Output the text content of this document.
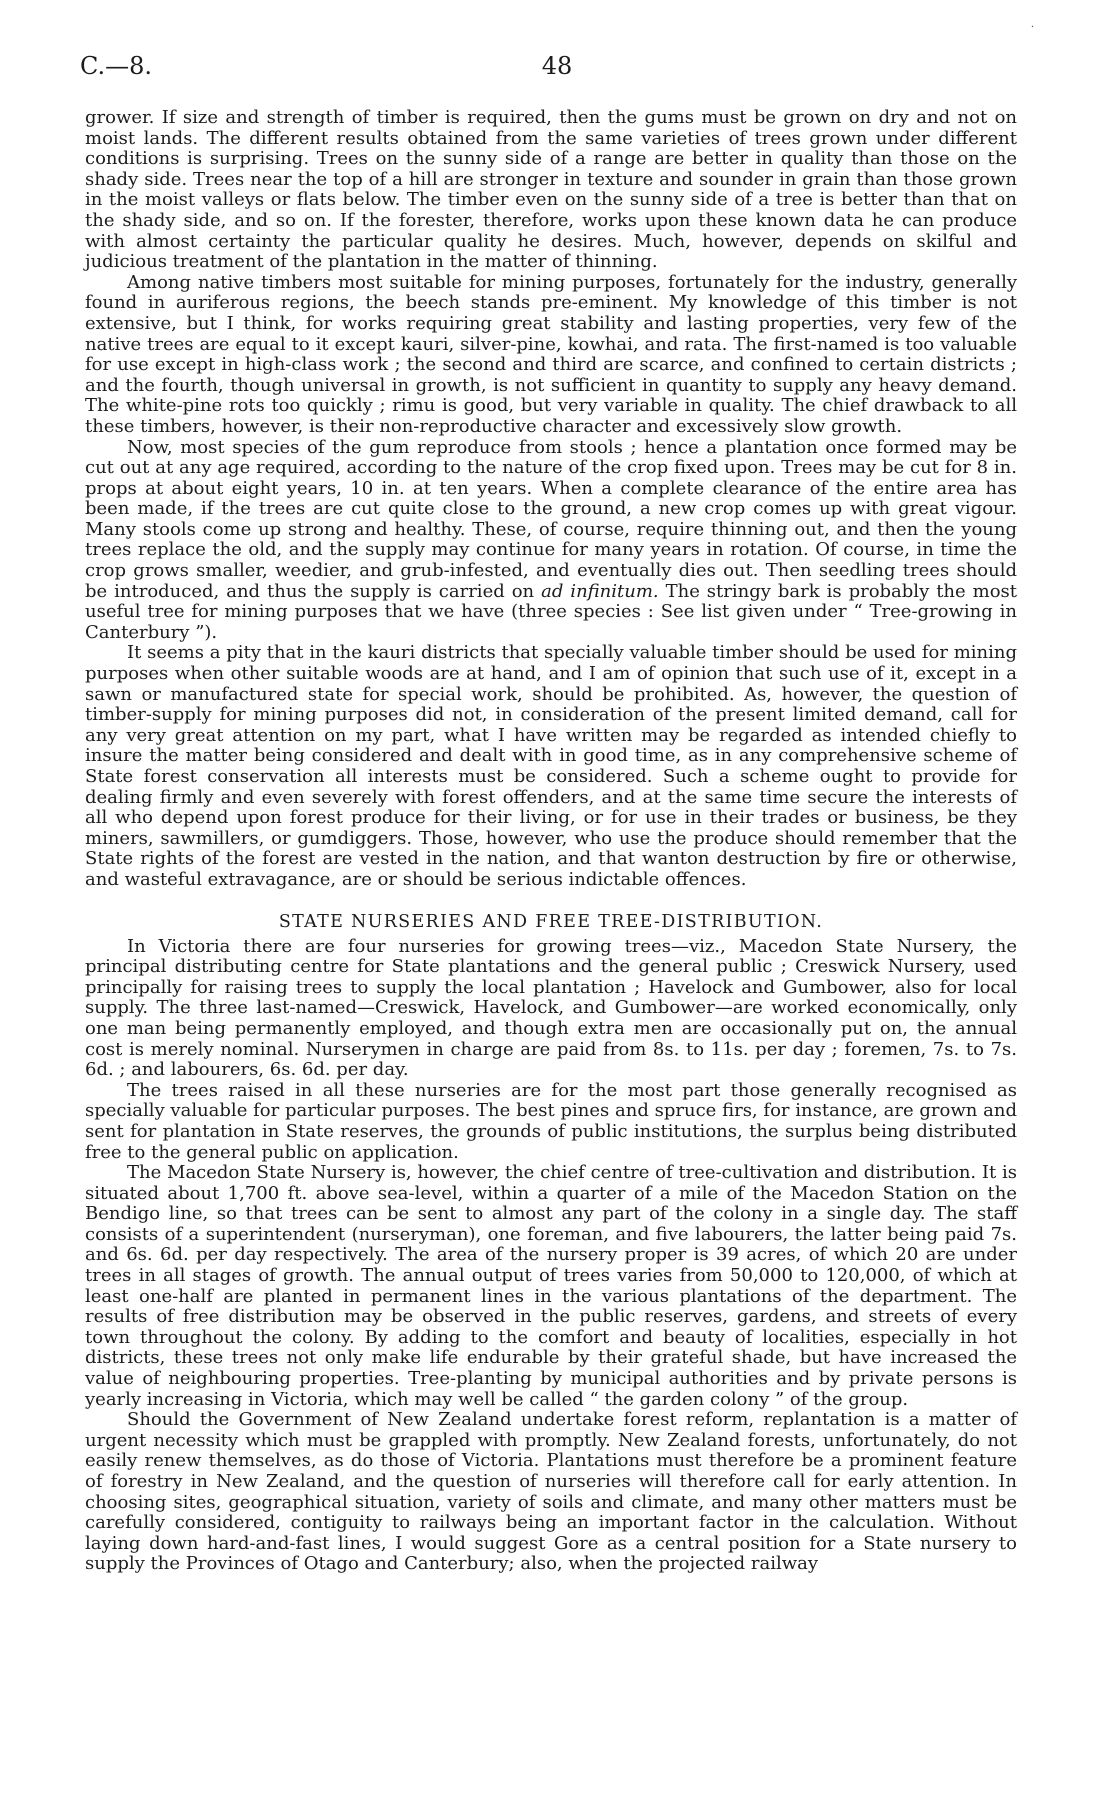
C.—8.	48
·

grower. If size and strength of timber is required, then the gums must be grown on dry and not on moist lands. The different results obtained from the same varieties of trees grown under different conditions is surprising. Trees on the sunny side of a range are better in quality than those on the shady side. Trees near the top of a hill are stronger in texture and sounder in grain than those grown in the moist valleys or flats below. The timber even on the sunny side of a tree is better than that on the shady side, and so on. If the forester, therefore, works upon these known data he can produce with almost certainty the particular quality he desires. Much, however, depends on skilful and judicious treatment of the plantation in the matter of thinning.

Among native timbers most suitable for mining purposes, fortunately for the industry, generally found in auriferous regions, the beech stands pre-eminent. My knowledge of this timber is not extensive, but I think, for works requiring great stability and lasting properties, very few of the native trees are equal to it except kauri, silver-pine, kowhai, and rata. The first-named is too valuable for use except in high-class work ; the second and third are scarce, and confined to certain districts ; and the fourth, though universal in growth, is not sufficient in quantity to supply any heavy demand. The white-pine rots too quickly ; rimu is good, but very variable in quality. The chief drawback to all these timbers, however, is their non-reproductive character and excessively slow growth.

Now, most species of the gum reproduce from stools ; hence a plantation once formed may be cut out at any age required, according to the nature of the crop fixed upon. Trees may be cut for 8 in. props at about eight years, 10 in. at ten years. When a complete clearance of the entire area has been made, if the trees are cut quite close to the ground, a new crop comes up with great vigour. Many stools come up strong and healthy. These, of course, require thinning out, and then the young trees replace the old, and the supply may continue for many years in rotation. Of course, in time the crop grows smaller, weedier, and grub-infested, and eventually dies out. Then seedling trees should be introduced, and thus the supply is carried on ad infinitum. The stringy bark is probably the most useful tree for mining purposes that we have (three species : See list given under “ Tree-growing in Canterbury ”).

It seems a pity that in the kauri districts that specially valuable timber should be used for mining purposes when other suitable woods are at hand, and I am of opinion that such use of it, except in a sawn or manufactured state for special work, should be prohibited. As, however, the question of timber-supply for mining purposes did not, in consideration of the present limited demand, call for any very great attention on my part, what I have written may be regarded as intended chiefly to insure the matter being considered and dealt with in good time, as in any comprehensive scheme of State forest conservation all interests must be considered. Such a scheme ought to provide for dealing firmly and even severely with forest offenders, and at the same time secure the interests of all who depend upon forest produce for their living, or for use in their trades or business, be they miners, sawmillers, or gumdiggers. Those, however, who use the produce should remember that the State rights of the forest are vested in the nation, and that wanton destruction by fire or otherwise, and wasteful extravagance, are or should be serious indictable offences.

STATE NURSERIES AND FREE TREE-DISTRIBUTION.

In Victoria there are four nurseries for growing trees—viz., Macedon State Nursery, the principal distributing centre for State plantations and the general public ; Creswick Nursery, used principally for raising trees to supply the local plantation ; Havelock and Gumbower, also for local supply. The three last-named—Creswick, Havelock, and Gumbower—are worked economically, only one man being permanently employed, and though extra men are occasionally put on, the annual cost is merely nominal. Nurserymen in charge are paid from 8s. to 11s. per day ; foremen, 7s. to 7s. 6d. ; and labourers, 6s. 6d. per day.

The trees raised in all these nurseries are for the most part those generally recognised as specially valuable for particular purposes. The best pines and spruce firs, for instance, are grown and sent for plantation in State reserves, the grounds of public institutions, the surplus being distributed free to the general public on application.

The Macedon State Nursery is, however, the chief centre of tree-cultivation and distribution. It is situated about 1,700 ft. above sea-level, within a quarter of a mile of the Macedon Station on the Bendigo line, so that trees can be sent to almost any part of the colony in a single day. The staff consists of a superintendent (nurseryman), one foreman, and five labourers, the latter being paid 7s. and 6s. 6d. per day respectively. The area of the nursery proper is 39 acres, of which 20 are under trees in all stages of growth. The annual output of trees varies from 50,000 to 120,000, of which at least one-half are planted in permanent lines in the various plantations of the department. The results of free distribution may be observed in the public reserves, gardens, and streets of every town throughout the colony. By adding to the comfort and beauty of localities, especially in hot districts, these trees not only make life endurable by their grateful shade, but have increased the value of neighbouring properties. Tree-planting by municipal authorities and by private persons is yearly increasing in Victoria, which may well be called “ the garden colony ” of the group.

Should the Government of New Zealand undertake forest reform, replantation is a matter of urgent necessity which must be grappled with promptly. New Zealand forests, unfortunately, do not easily renew themselves, as do those of Victoria. Plantations must therefore be a prominent feature of forestry in New Zealand, and the question of nurseries will therefore call for early attention. In choosing sites, geographical situation, variety of soils and climate, and many other matters must be carefully considered, contiguity to railways being an important factor in the calculation. Without laying down hard-and-fast lines, I would suggest Gore as a central position for a State nursery to supply the Provinces of Otago and Canterbury; also, when the projected railway
